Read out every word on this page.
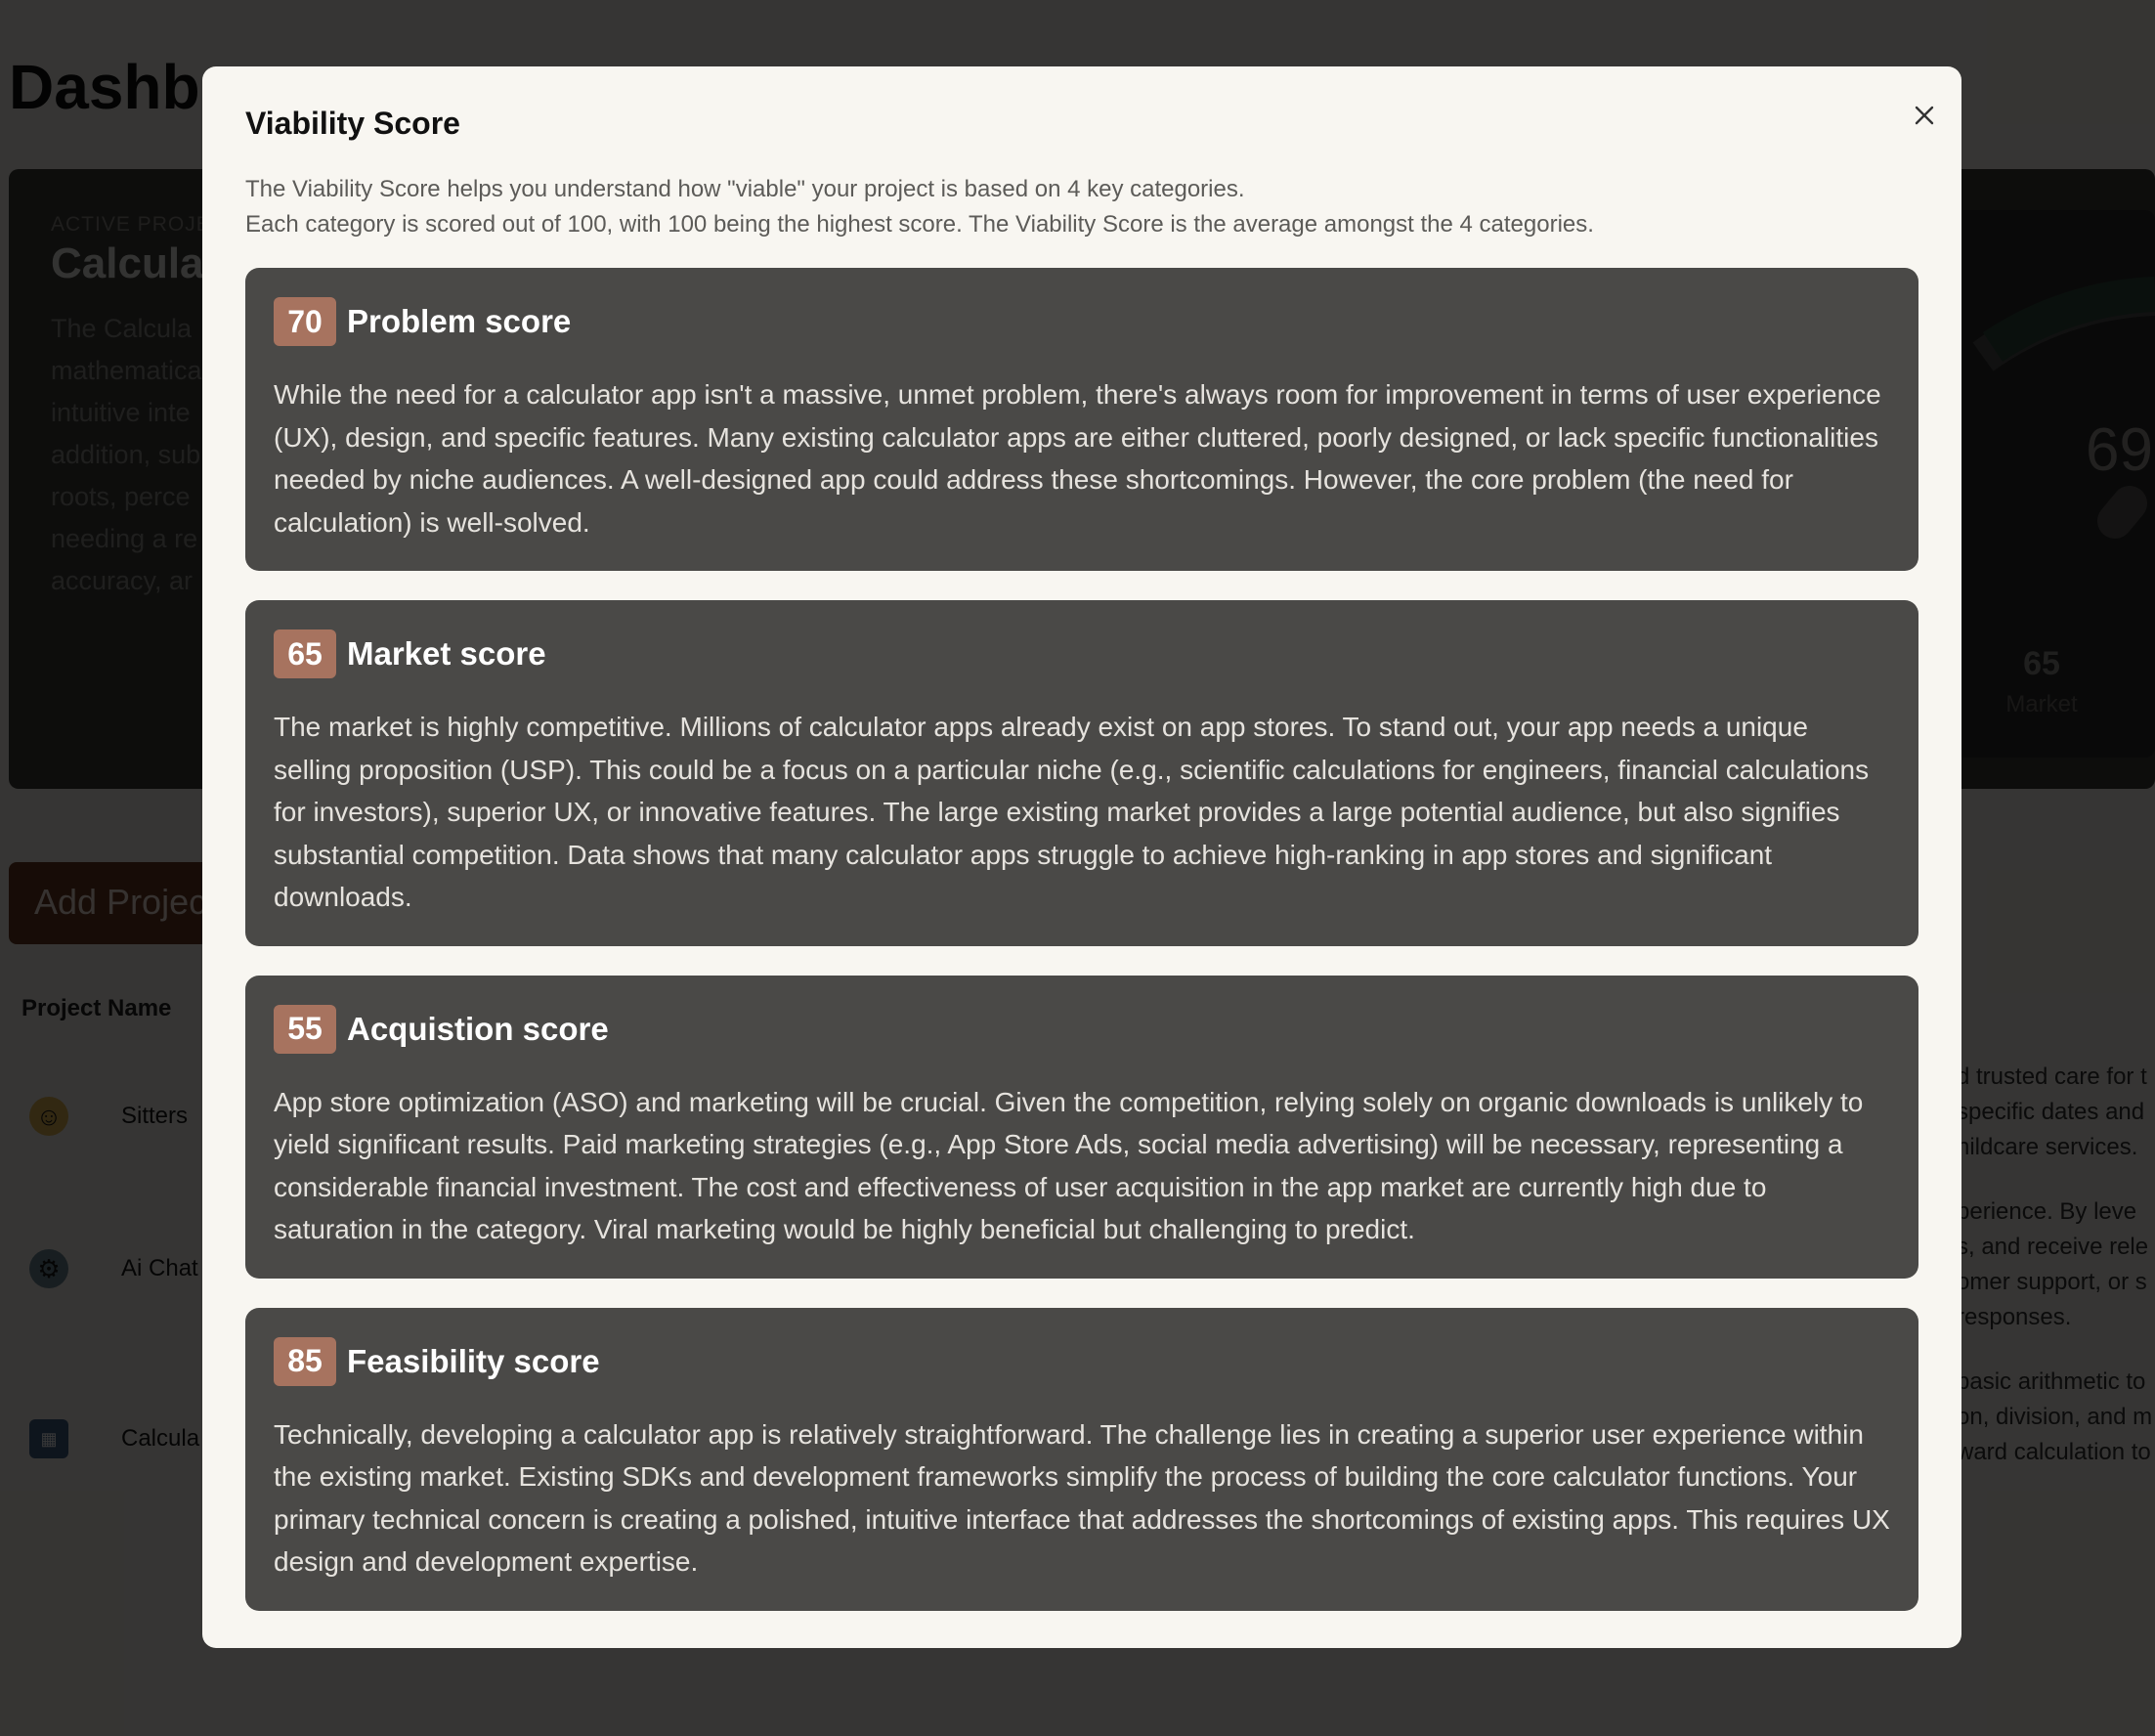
Viability Score
The Viability Score helps you understand how "viable" your project is based on 4 key categories.
Each category is scored out of 100, with 100 being the highest score. The Viability Score is the average amongst the 4 categories.
70 Problem score
While the need for a calculator app isn't a massive, unmet problem, there's always room for improvement in terms of user experience (UX), design, and specific features. Many existing calculator apps are either cluttered, poorly designed, or lack specific functionalities needed by niche audiences. A well-designed app could address these shortcomings. However, the core problem (the need for calculation) is well-solved.
65 Market score
The market is highly competitive. Millions of calculator apps already exist on app stores. To stand out, your app needs a unique selling proposition (USP). This could be a focus on a particular niche (e.g., scientific calculations for engineers, financial calculations for investors), superior UX, or innovative features. The large existing market provides a large potential audience, but also signifies substantial competition. Data shows that many calculator apps struggle to achieve high-ranking in app stores and significant downloads.
55 Acquistion score
App store optimization (ASO) and marketing will be crucial. Given the competition, relying solely on organic downloads is unlikely to yield significant results. Paid marketing strategies (e.g., App Store Ads, social media advertising) will be necessary, representing a considerable financial investment. The cost and effectiveness of user acquisition in the app market are currently high due to saturation in the category. Viral marketing would be highly beneficial but challenging to predict.
85 Feasibility score
Technically, developing a calculator app is relatively straightforward. The challenge lies in creating a superior user experience within the existing market. Existing SDKs and development frameworks simplify the process of building the core calculator functions. Your primary technical concern is creating a polished, intuitive interface that addresses the shortcomings of existing apps. This requires UX design and development expertise.
